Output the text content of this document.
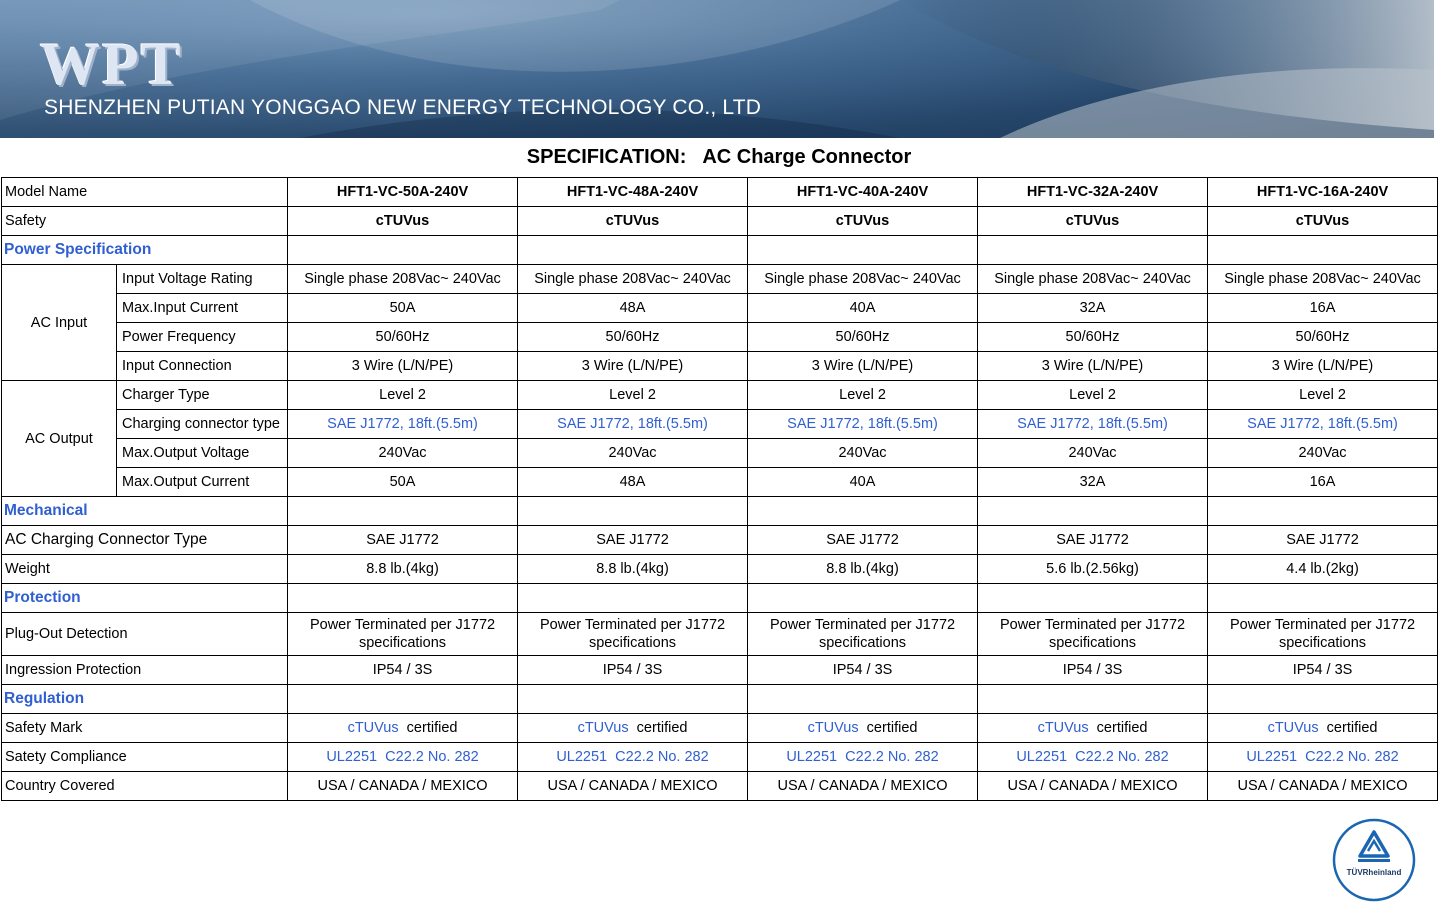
WPT
SHENZHEN PUTIAN YONGGAO NEW ENERGY TECHNOLOGY CO., LTD
SPECIFICATION:   AC Charge Connector
Model Name		HFT1-VC-50A-240V	HFT1-VC-48A-240V	HFT1-VC-40A-240V	HFT1-VC-32A-240V	HFT1-VC-16A-240V
Safety		cTUVus	cTUVus	cTUVus	cTUVus	cTUVus
Power Specification						
AC Input	Input Voltage Rating	Single phase 208Vac~ 240Vac	Single phase 208Vac~ 240Vac	Single phase 208Vac~ 240Vac	Single phase 208Vac~ 240Vac	Single phase 208Vac~ 240Vac
	Max.Input Current	50A	48A	40A	32A	16A
	Power Frequency	50/60Hz	50/60Hz	50/60Hz	50/60Hz	50/60Hz
	Input Connection	3 Wire (L/N/PE)	3 Wire (L/N/PE)	3 Wire (L/N/PE)	3 Wire (L/N/PE)	3 Wire (L/N/PE)
AC Output	Charger Type	Level 2	Level 2	Level 2	Level 2	Level 2
	Charging connector type	SAE J1772, 18ft.(5.5m)	SAE J1772, 18ft.(5.5m)	SAE J1772, 18ft.(5.5m)	SAE J1772, 18ft.(5.5m)	SAE J1772, 18ft.(5.5m)
	Max.Output Voltage	240Vac	240Vac	240Vac	240Vac	240Vac
	Max.Output Current	50A	48A	40A	32A	16A
Mechanical						
AC Charging Connector Type		SAE J1772	SAE J1772	SAE J1772	SAE J1772	SAE J1772
Weight		8.8 lb.(4kg)	8.8 lb.(4kg)	8.8 lb.(4kg)	5.6 lb.(2.56kg)	4.4 lb.(2kg)
Protection						
Plug-Out Detection		Power Terminated per J1772 specifications	Power Terminated per J1772 specifications	Power Terminated per J1772 specifications	Power Terminated per J1772 specifications	Power Terminated per J1772 specifications
Ingression Protection		IP54 / 3S	IP54 / 3S	IP54 / 3S	IP54 / 3S	IP54 / 3S
Regulation						
Safety Mark		cTUVus certified	cTUVus certified	cTUVus certified	cTUVus certified	cTUVus certified
Satety Compliance		UL2251  C22.2 No. 282	UL2251  C22.2 No. 282	UL2251  C22.2 No. 282	UL2251  C22.2 No. 282	UL2251  C22.2 No. 282
Country Covered		USA / CANADA / MEXICO	USA / CANADA / MEXICO	USA / CANADA / MEXICO	USA / CANADA / MEXICO	USA / CANADA / MEXICO
TÜVRheinland
